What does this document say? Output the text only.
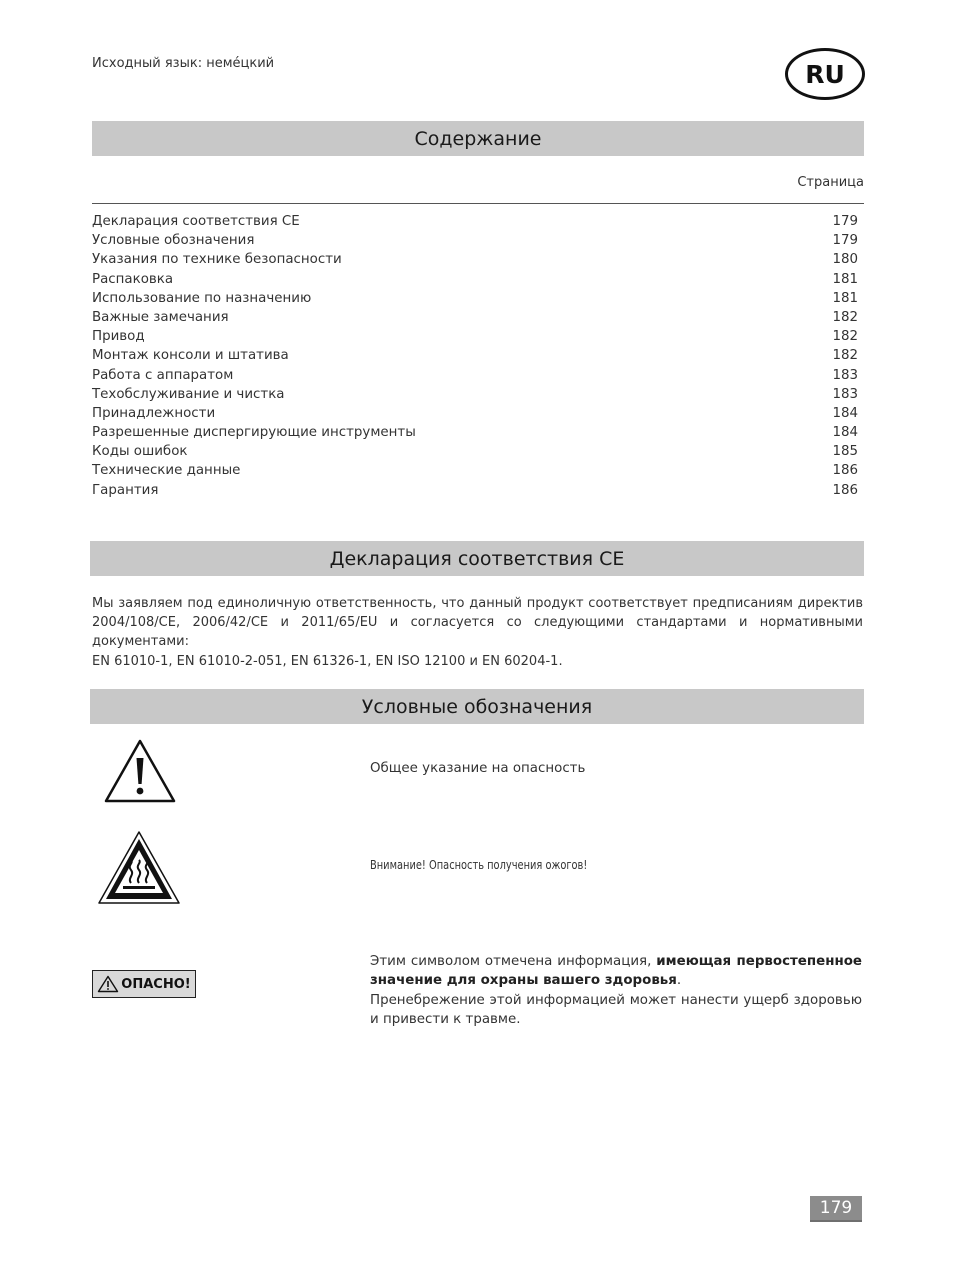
Исходный язык: немéцкий	RU
Содержание
Страница
Декларация соответствия CE	179
Условные обозначения	179
Указания по технике безопасности	180
Распаковка	181
Использование по назначению	181
Важные замечания	182
Привод	182
Монтаж консоли и штатива	182
Работа с аппаратом	183
Техобслуживание и чистка	183
Принадлежности	184
Разрешенные диспергирующие инструменты	184
Коды ошибок	185
Технические данные	186
Гарантия	186
Декларация соответствия CE
Мы заявляем под единоличную ответственность, что данный продукт соответствует предписаниям директив
2004/108/CE, 2006/42/CE и 2011/65/EU и согласуется со следующими стандартами и нормативными документами:
EN 61010-1, EN 61010-2-051, EN 61326-1, EN ISO 12100 и EN 60204-1.
Условные обозначения
Общее указание на опасность
Внимание! Опасность получения ожогов!
ОПАСНО!
Этим символом отмечена информация, имеющая первостепенное значение для охраны вашего здоровья.
Пренебрежение этой информацией может нанести ущерб здоровью и привести к травме.
179
